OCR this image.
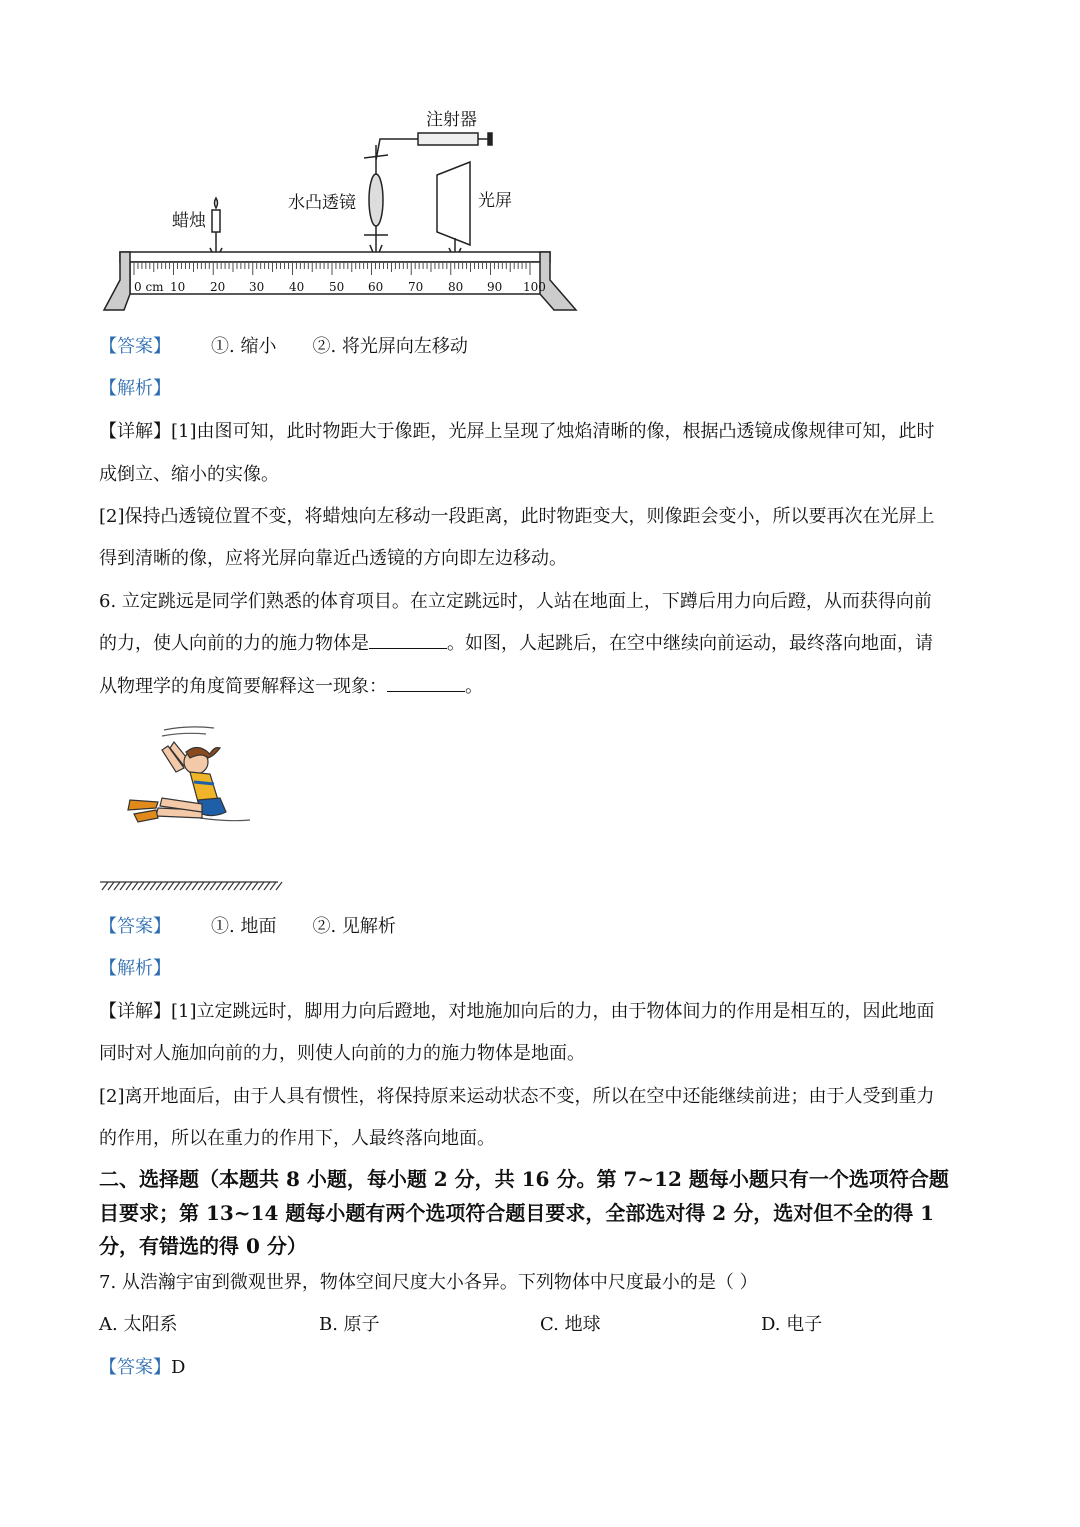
注射器
水凸透镜	光屏
蜡烛
0 cm 10 20 30 40 50 60 70 80 90 100

【答案】 ①. 缩小 ②. 将光屏向左移动

【解析】

【详解】[1]由图可知，此时物距大于像距，光屏上呈现了烛焰清晰的像，根据凸透镜成像规律可知，此时

成倒立、缩小的实像。

[2]保持凸透镜位置不变，将蜡烛向左移动一段距离，此时物距变大，则像距会变小，所以要再次在光屏上

得到清晰的像，应将光屏向靠近凸透镜的方向即左边移动。

6. 立定跳远是同学们熟悉的体育项目。在立定跳远时，人站在地面上，下蹲后用力向后蹬，从而获得向前

的力，使人向前的力的施力物体是	。如图，人起跳后，在空中继续向前运动，最终落向地面，请

从物理学的角度简要解释这一现象：	。

【答案】 ①. 地面 ②. 见解析

【解析】

【详解】[1]立定跳远时，脚用力向后蹬地，对地施加向后的力，由于物体间力的作用是相互的，因此地面

同时对人施加向前的力，则使人向前的力的施力物体是地面。

[2]离开地面后，由于人具有惯性，将保持原来运动状态不变，所以在空中还能继续前进；由于人受到重力

的作用，所以在重力的作用下，人最终落向地面。

二、选择题（本题共 8 小题，每小题 2 分，共 16 分。第 7~12 题每小题只有一个选项符合题

目要求；第 13~14 题每小题有两个选项符合题目要求，全部选对得 2 分，选对但不全的得 1

分，有错选的得 0 分）

7. 从浩瀚宇宙到微观世界，物体空间尺度大小各异。下列物体中尺度最小的是（ ）

A. 太阳系	B. 原子	C. 地球	D. 电子

【答案】D
